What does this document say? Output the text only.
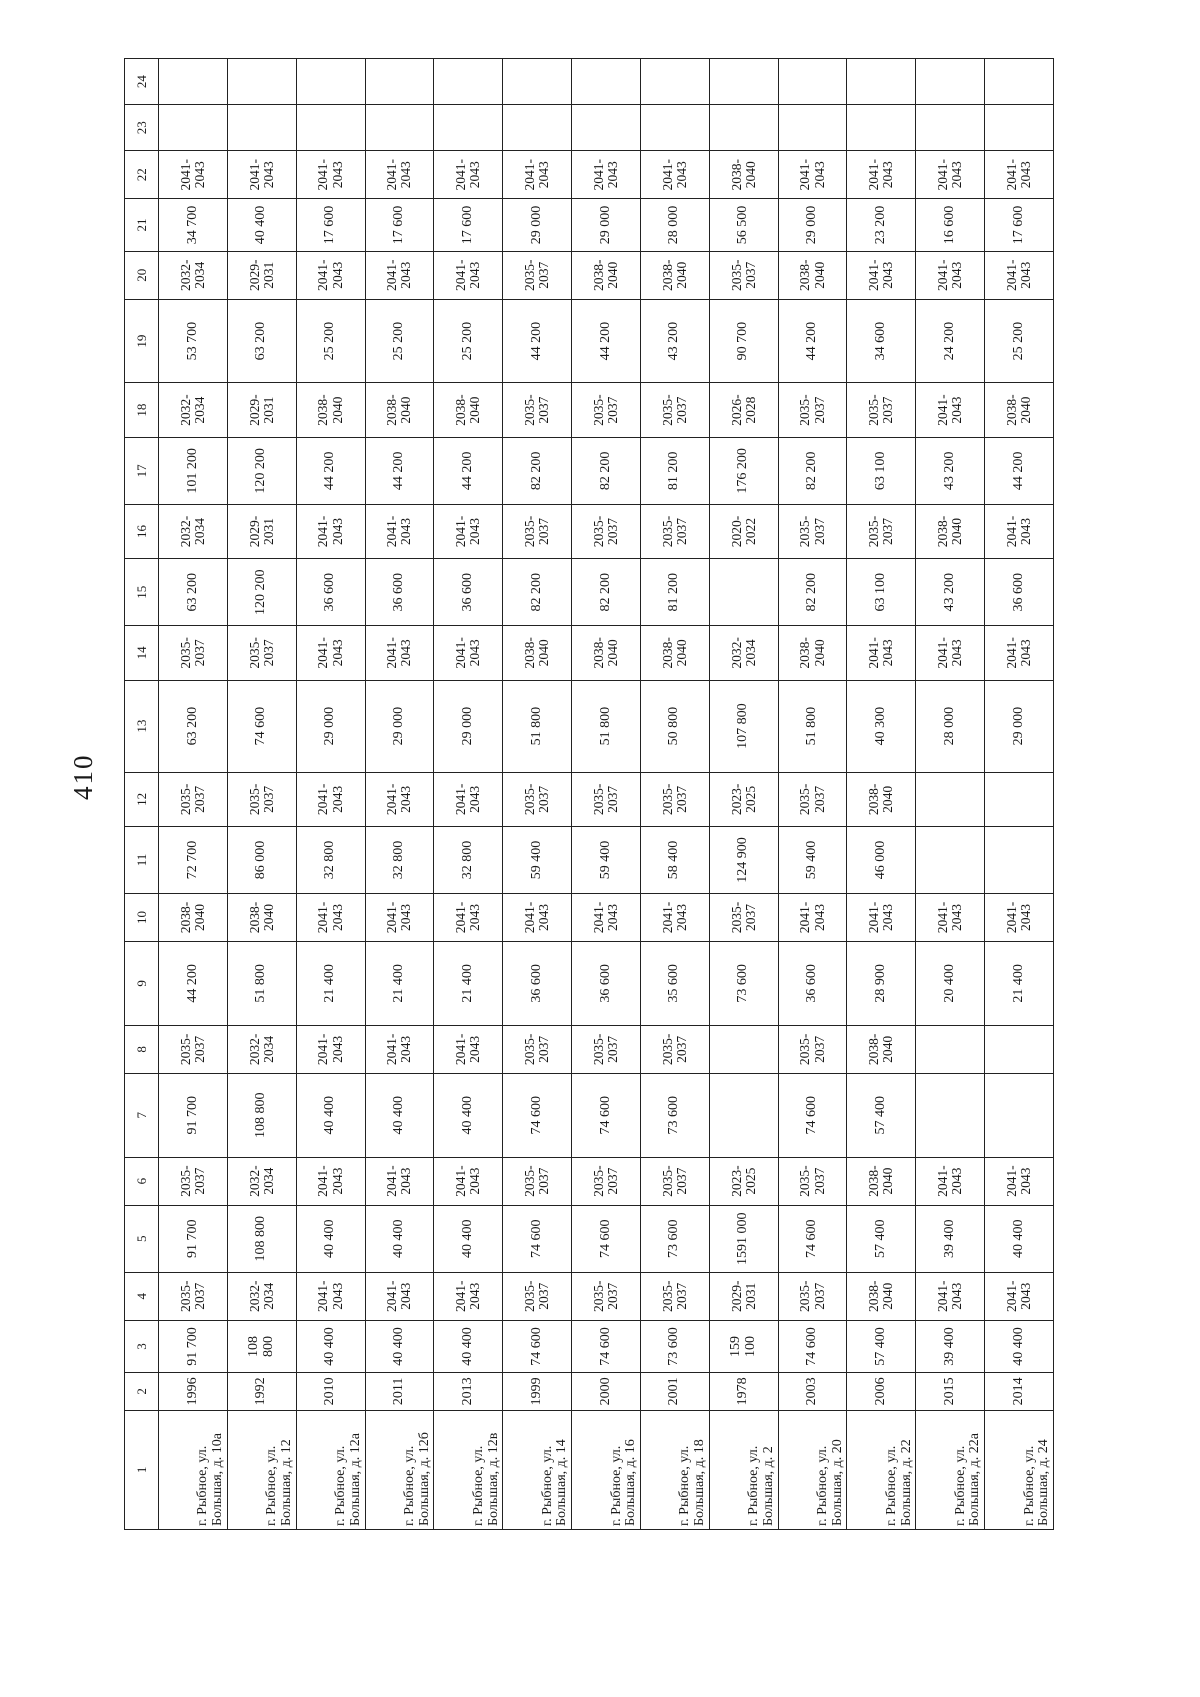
410
1	2	3	4	5	6	7	8	9	10	11	12	13	14	15	16	17	18	19	20	21	22	23	24
г. Рыбное, ул. Большая, д. 10а	1996	91 700	2035-2037	91 700	2035-2037	91 700	2035-2037	44 200	2038-2040	72 700	2035-2037	63 200	2035-2037	63 200	2032-2034	101 200	2032-2034	53 700	2032-2034	34 700	2041-2043		
г. Рыбное, ул. Большая, д. 12	1992	108 800	2032-2034	108 800	2032-2034	108 800	2032-2034	51 800	2038-2040	86 000	2035-2037	74 600	2035-2037	120 200	2029-2031	120 200	2029-2031	63 200	2029-2031	40 400	2041-2043		
г. Рыбное, ул. Большая, д. 12а	2010	40 400	2041-2043	40 400	2041-2043	40 400	2041-2043	21 400	2041-2043	32 800	2041-2043	29 000	2041-2043	36 600	2041-2043	44 200	2038-2040	25 200	2041-2043	17 600	2041-2043		
г. Рыбное, ул. Большая, д. 12б	2011	40 400	2041-2043	40 400	2041-2043	40 400	2041-2043	21 400	2041-2043	32 800	2041-2043	29 000	2041-2043	36 600	2041-2043	44 200	2038-2040	25 200	2041-2043	17 600	2041-2043		
г. Рыбное, ул. Большая, д. 12в	2013	40 400	2041-2043	40 400	2041-2043	40 400	2041-2043	21 400	2041-2043	32 800	2041-2043	29 000	2041-2043	36 600	2041-2043	44 200	2038-2040	25 200	2041-2043	17 600	2041-2043		
г. Рыбное, ул. Большая, д. 14	1999	74 600	2035-2037	74 600	2035-2037	74 600	2035-2037	36 600	2041-2043	59 400	2035-2037	51 800	2038-2040	82 200	2035-2037	82 200	2035-2037	44 200	2035-2037	29 000	2041-2043		
г. Рыбное, ул. Большая, д. 16	2000	74 600	2035-2037	74 600	2035-2037	74 600	2035-2037	36 600	2041-2043	59 400	2035-2037	51 800	2038-2040	82 200	2035-2037	82 200	2035-2037	44 200	2038-2040	29 000	2041-2043		
г. Рыбное, ул. Большая, д. 18	2001	73 600	2035-2037	73 600	2035-2037	73 600	2035-2037	35 600	2041-2043	58 400	2035-2037	50 800	2038-2040	81 200	2035-2037	81 200	2035-2037	43 200	2038-2040	28 000	2041-2043		
г. Рыбное, ул. Большая, д. 2	1978	159 100	2029-2031	1591 000	2023-2025			73 600	2035-2037	124 900	2023-2025	107 800	2032-2034		2020-2022	176 200	2026-2028	90 700	2035-2037	56 500	2038-2040		
г. Рыбное, ул. Большая, д. 20	2003	74 600	2035-2037	74 600	2035-2037	74 600	2035-2037	36 600	2041-2043	59 400	2035-2037	51 800	2038-2040	82 200	2035-2037	82 200	2035-2037	44 200	2038-2040	29 000	2041-2043		
г. Рыбное, ул. Большая, д. 22	2006	57 400	2038-2040	57 400	2038-2040	57 400	2038-2040	28 900	2041-2043	46 000	2038-2040	40 300	2041-2043	63 100	2035-2037	63 100	2035-2037	34 600	2041-2043	23 200	2041-2043		
г. Рыбное, ул. Большая, д. 22а	2015	39 400	2041-2043	39 400	2041-2043			20 400	2041-2043			28 000	2041-2043	43 200	2038-2040	43 200	2041-2043	24 200	2041-2043	16 600	2041-2043		
г. Рыбное, ул. Большая, д. 24	2014	40 400	2041-2043	40 400	2041-2043			21 400	2041-2043			29 000	2041-2043	36 600	2041-2043	44 200	2038-2040	25 200	2041-2043	17 600	2041-2043		
